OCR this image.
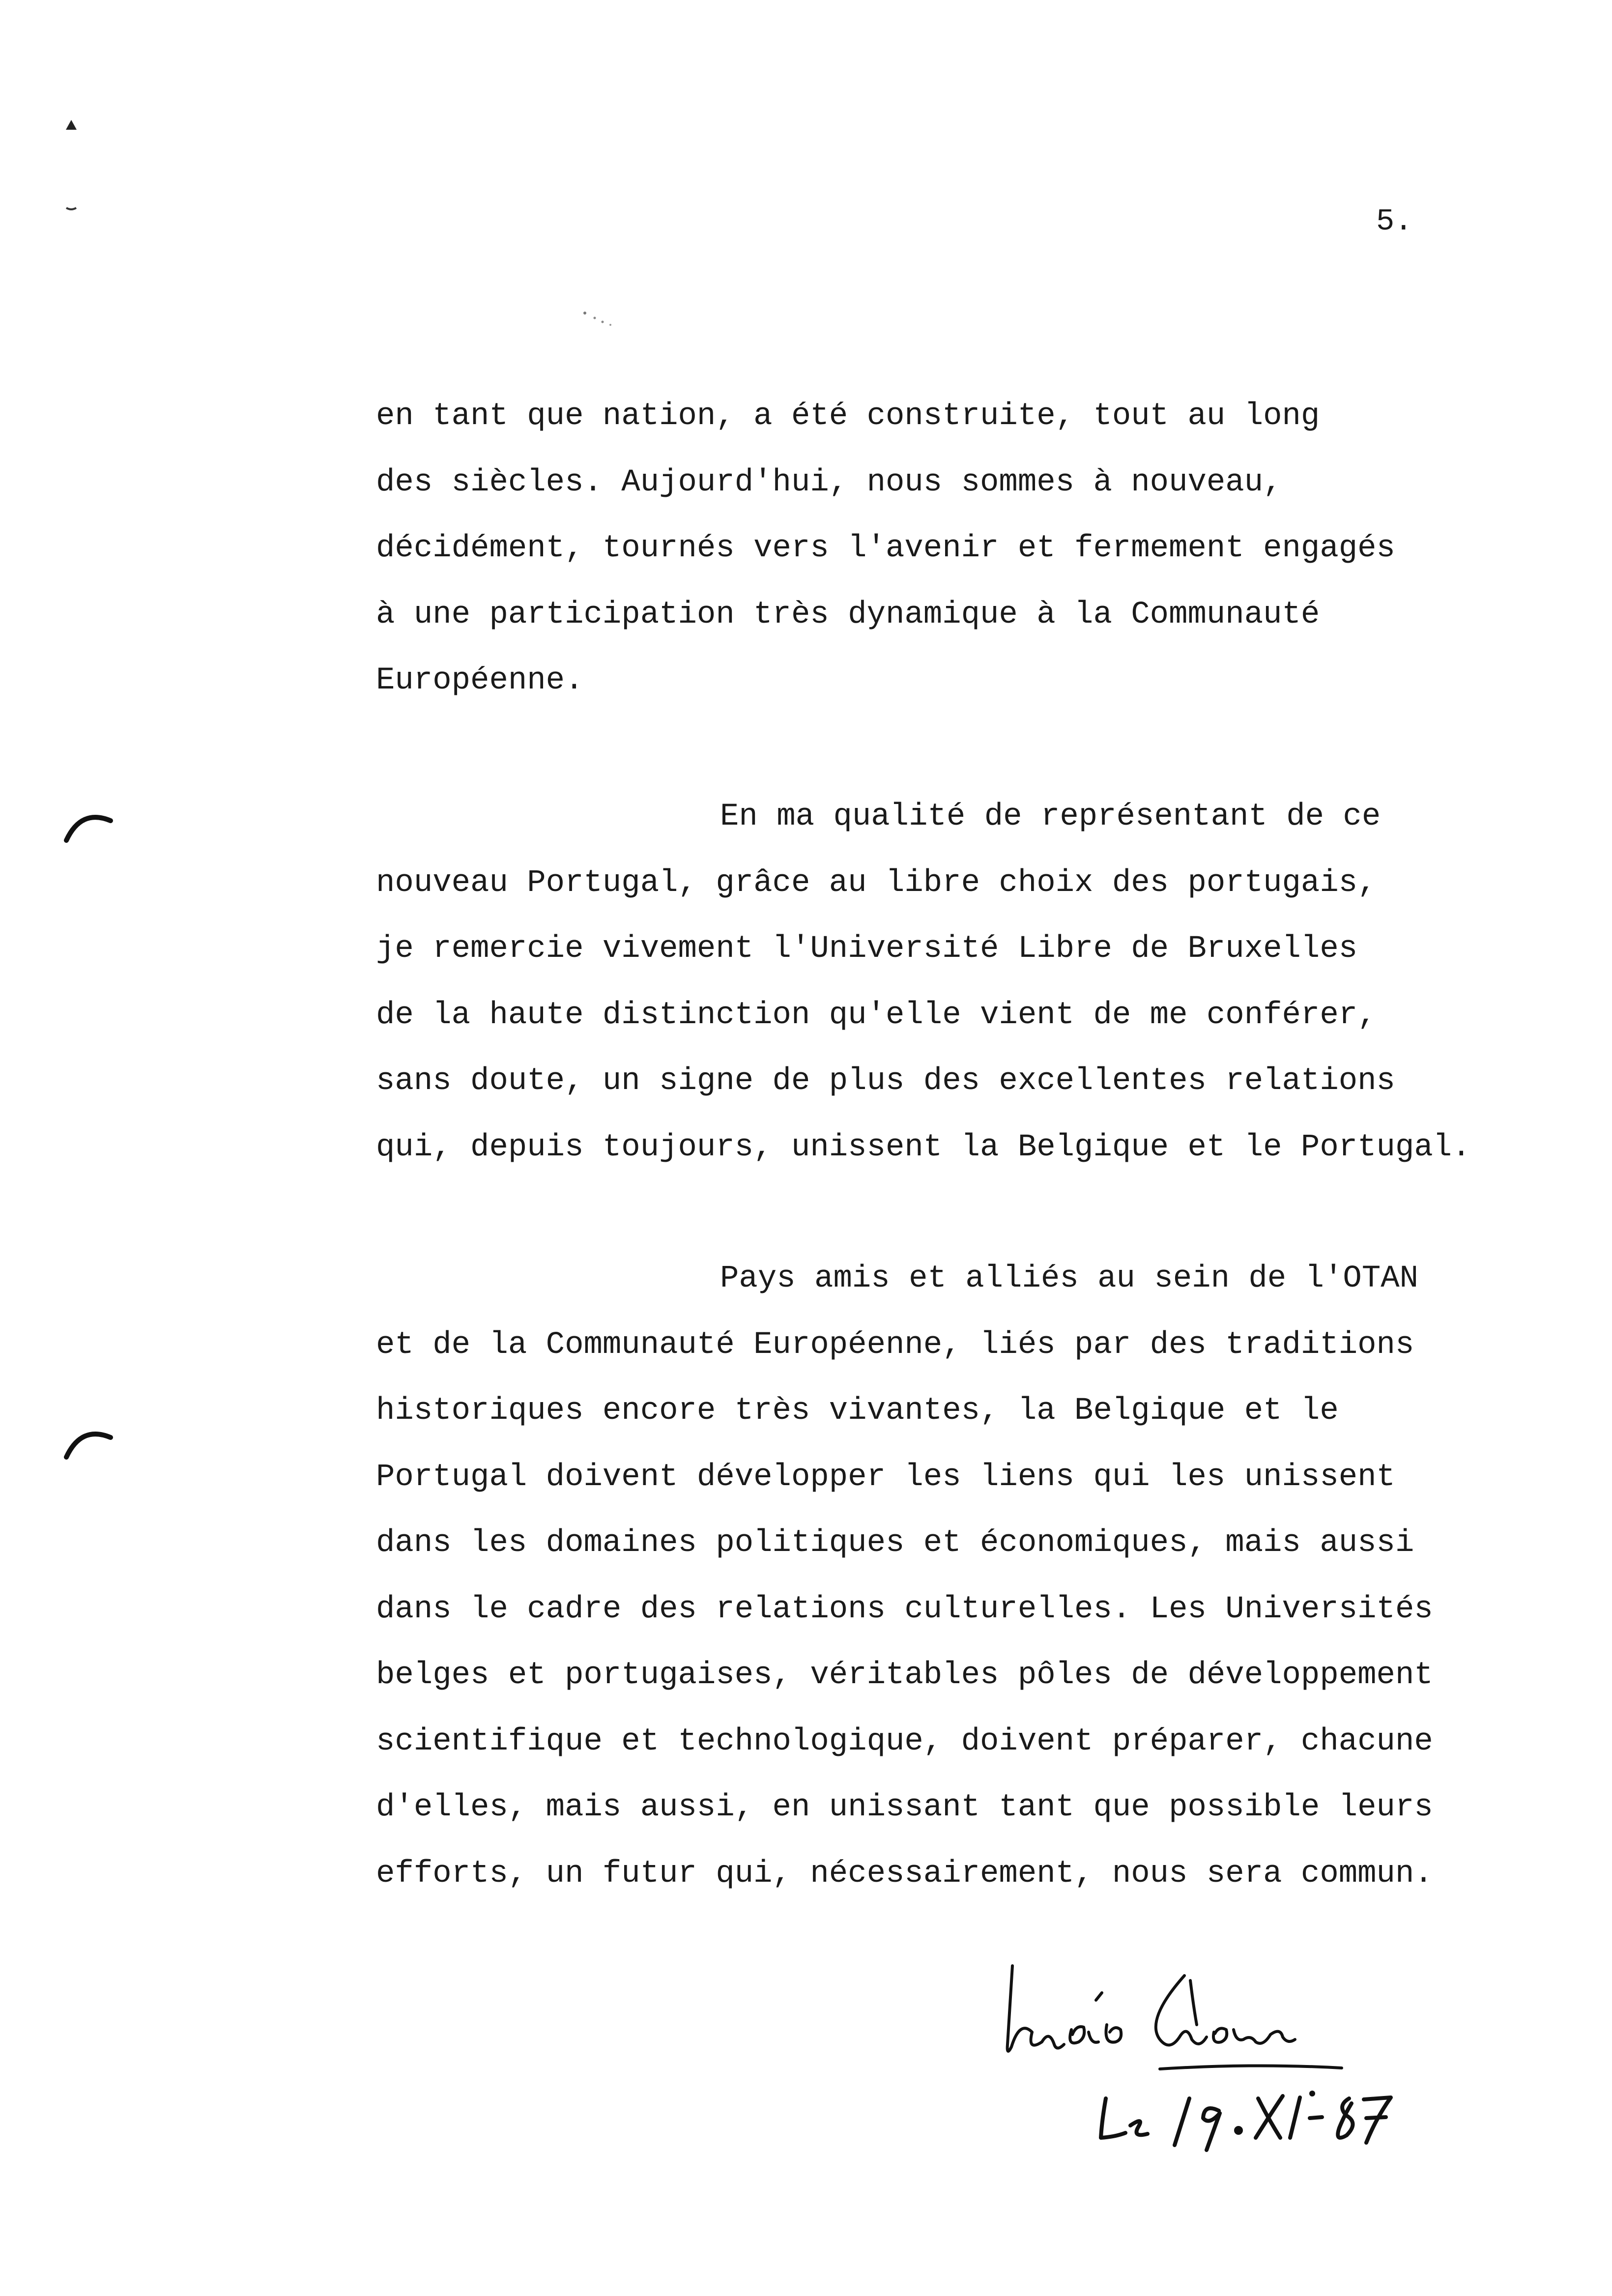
5.
en tant que nation, a été construite, tout au long
des siècles. Aujourd'hui, nous sommes à nouveau,
décidément, tournés vers l'avenir et fermement engagés
à une participation très dynamique à la Communauté
Européenne.
En ma qualité de représentant de ce
nouveau Portugal, grâce au libre choix des portugais,
je remercie vivement l'Université Libre de Bruxelles
de la haute distinction qu'elle vient de me conférer,
sans doute, un signe de plus des excellentes relations
qui, depuis toujours, unissent la Belgique et le Portugal.
Pays amis et alliés au sein de l'OTAN
et de la Communauté Européenne, liés par des traditions
historiques encore très vivantes, la Belgique et le
Portugal doivent développer les liens qui les unissent
dans les domaines politiques et économiques, mais aussi
dans le cadre des relations culturelles. Les Universités
belges et portugaises, véritables pôles de développement
scientifique et technologique, doivent préparer, chacune
d'elles, mais aussi, en unissant tant que possible leurs
efforts, un futur qui, nécessairement, nous sera commun.
